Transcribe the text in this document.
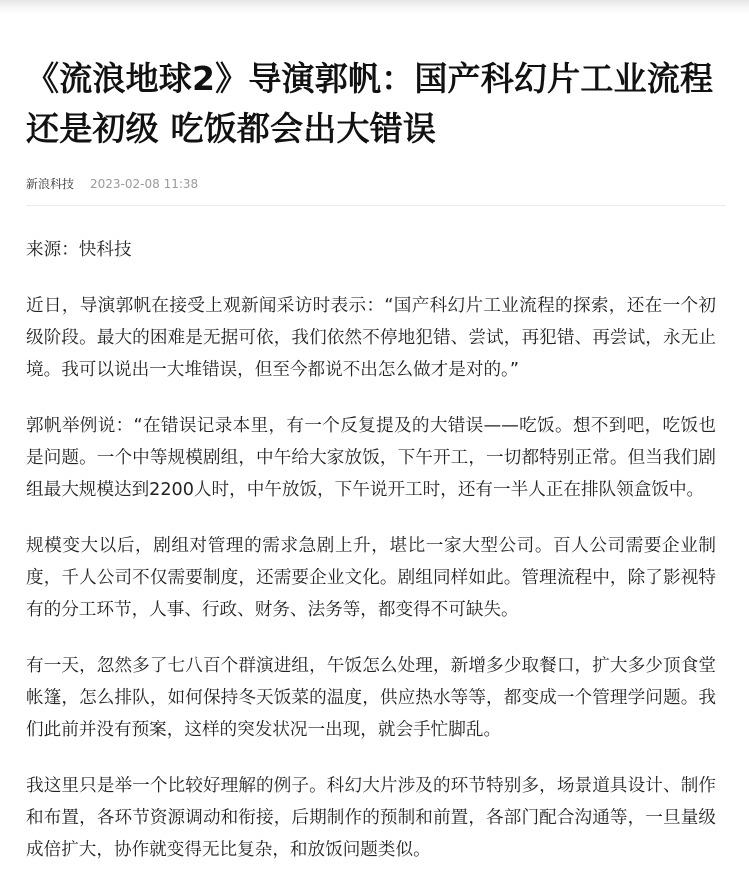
《流浪地球2》导演郭帆：国产科幻片工业流程还是初级 吃饭都会出大错误
新浪科技 2023-02-08 11:38

来源：快科技

近日，导演郭帆在接受上观新闻采访时表示：“国产科幻片工业流程的探索，还在一个初级阶段。最大的困难是无据可依，我们依然不停地犯错、尝试，再犯错、再尝试，永无止境。我可以说出一大堆错误，但至今都说不出怎么做才是对的。”

郭帆举例说：“在错误记录本里，有一个反复提及的大错误——吃饭。想不到吧，吃饭也是问题。一个中等规模剧组，中午给大家放饭，下午开工，一切都特别正常。但当我们剧组最大规模达到2200人时，中午放饭，下午说开工时，还有一半人正在排队领盒饭中。

规模变大以后，剧组对管理的需求急剧上升，堪比一家大型公司。百人公司需要企业制度，千人公司不仅需要制度，还需要企业文化。剧组同样如此。管理流程中，除了影视特有的分工环节，人事、行政、财务、法务等，都变得不可缺失。

有一天，忽然多了七八百个群演进组，午饭怎么处理，新增多少取餐口，扩大多少顶食堂帐篷，怎么排队，如何保持冬天饭菜的温度，供应热水等等，都变成一个管理学问题。我们此前并没有预案，这样的突发状况一出现，就会手忙脚乱。

我这里只是举一个比较好理解的例子。科幻大片涉及的环节特别多，场景道具设计、制作和布置，各环节资源调动和衔接，后期制作的预制和前置，各部门配合沟通等，一旦量级成倍扩大，协作就变得无比复杂，和放饭问题类似。
